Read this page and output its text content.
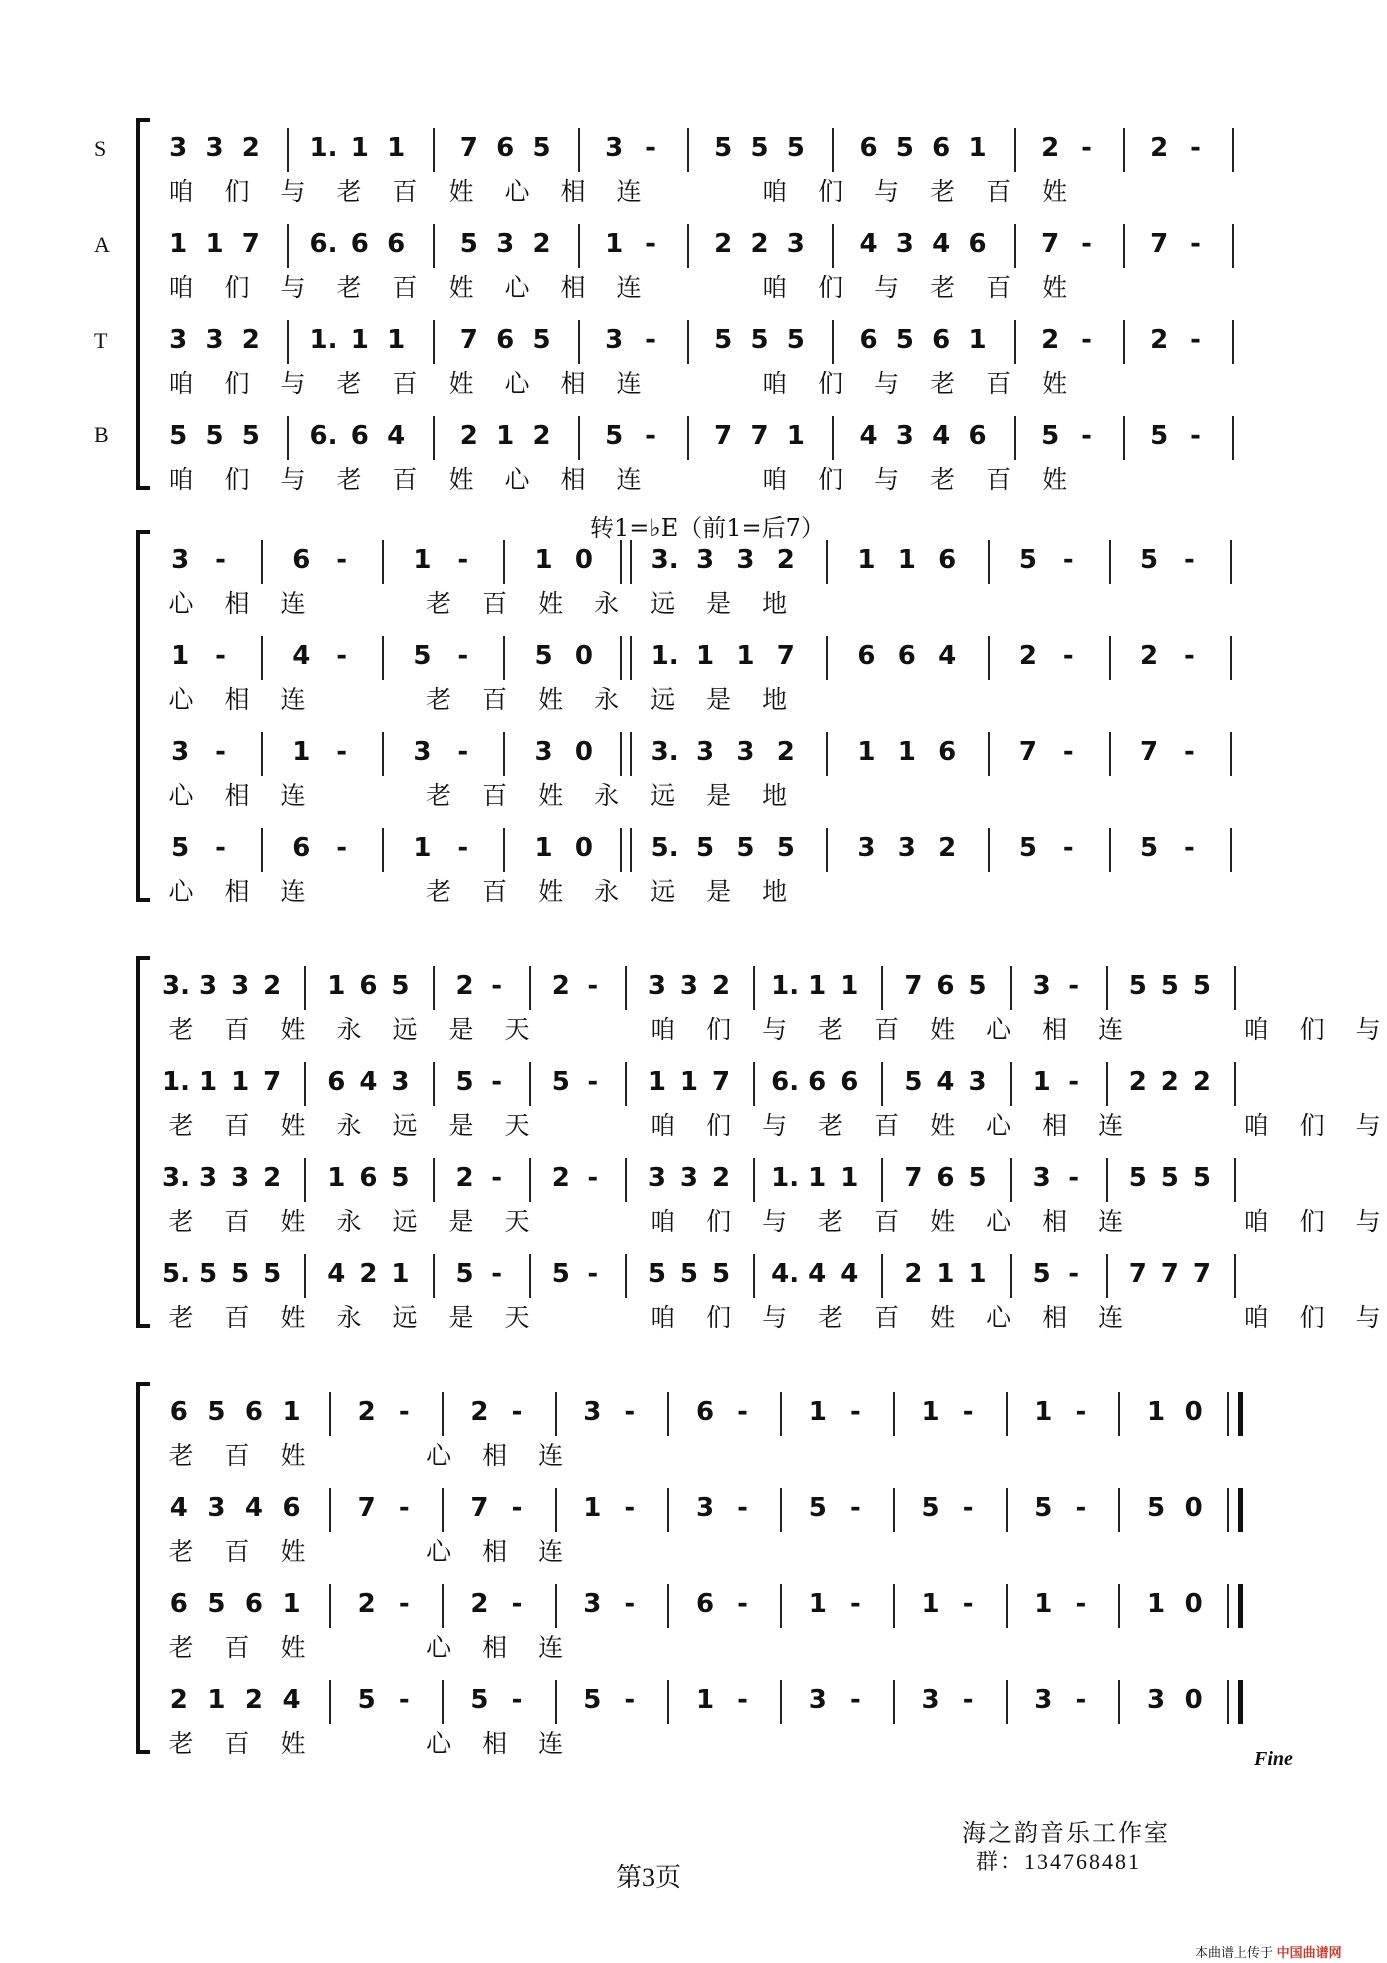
S
A
T
B
转1=♭E（前1=后7）
3 3 2	1. 1 1	7 6 5	3 -	5 5 5	6 5 6 1	2 -	2 -
咱 们 与 老 百 姓 心 相 连	咱 们 与 老 百 姓
1 1 7	6. 6 6	5 3 2	1 -	2 2 3	4 3 4 6	7 -	7 -
咱 们 与 老 百 姓 心 相 连	咱 们 与 老 百 姓
3 3 2	1. 1 1	7 6 5	3 -	5 5 5	6 5 6 1	2 -	2 -
咱 们 与 老 百 姓 心 相 连	咱 们 与 老 百 姓
5 5 5	6. 6 4	2 1 2	5 -	7 7 1	4 3 4 6	5 -	5 -
咱 们 与 老 百 姓 心 相 连	咱 们 与 老 百 姓
3 -	6 -	1 -	1 0	3. 3 3 2	1 1 6	5 -	5 -
心 相 连	老 百 姓 永 远 是 地
1 -	4 -	5 -	5 0	1. 1 1 7	6 6 4	2 -	2 -
心 相 连	老 百 姓 永 远 是 地
3 -	1 -	3 -	3 0	3. 3 3 2	1 1 6	7 -	7 -
心 相 连	老 百 姓 永 远 是 地
5 -	6 -	1 -	1 0	5. 5 5 5	3 3 2	5 -	5 -
心 相 连	老 百 姓 永 远 是 地
3. 3 3 2	1 6 5	2 -	2 -	3 3 2	1. 1 1	7 6 5	3 -	5 5 5
老 百 姓 永 远 是 天	咱 们 与 老 百 姓 心 相 连	咱 们 与
1. 1 1 7	6 4 3	5 -	5 -	1 1 7	6. 6 6	5 4 3	1 -	2 2 2
老 百 姓 永 远 是 天	咱 们 与 老 百 姓 心 相 连	咱 们 与
3. 3 3 2	1 6 5	2 -	2 -	3 3 2	1. 1 1	7 6 5	3 -	5 5 5
老 百 姓 永 远 是 天	咱 们 与 老 百 姓 心 相 连	咱 们 与
5. 5 5 5	4 2 1	5 -	5 -	5 5 5	4. 4 4	2 1 1	5 -	7 7 7
老 百 姓 永 远 是 天	咱 们 与 老 百 姓 心 相 连	咱 们 与
6 5 6 1	2 -	2 -	3 -	6 -	1 -	1 -	1 -	1 0
老 百 姓	心 相 连
4 3 4 6	7 -	7 -	1 -	3 -	5 -	5 -	5 -	5 0
老 百 姓	心 相 连
6 5 6 1	2 -	2 -	3 -	6 -	1 -	1 -	1 -	1 0
老 百 姓	心 相 连
2 1 2 4	5 -	5 -	5 -	1 -	3 -	3 -	3 -	3 0
老 百 姓	心 相 连
Fine
海之韵音乐工作室
群：134768481
第3页
本曲谱上传于 中国曲谱网
